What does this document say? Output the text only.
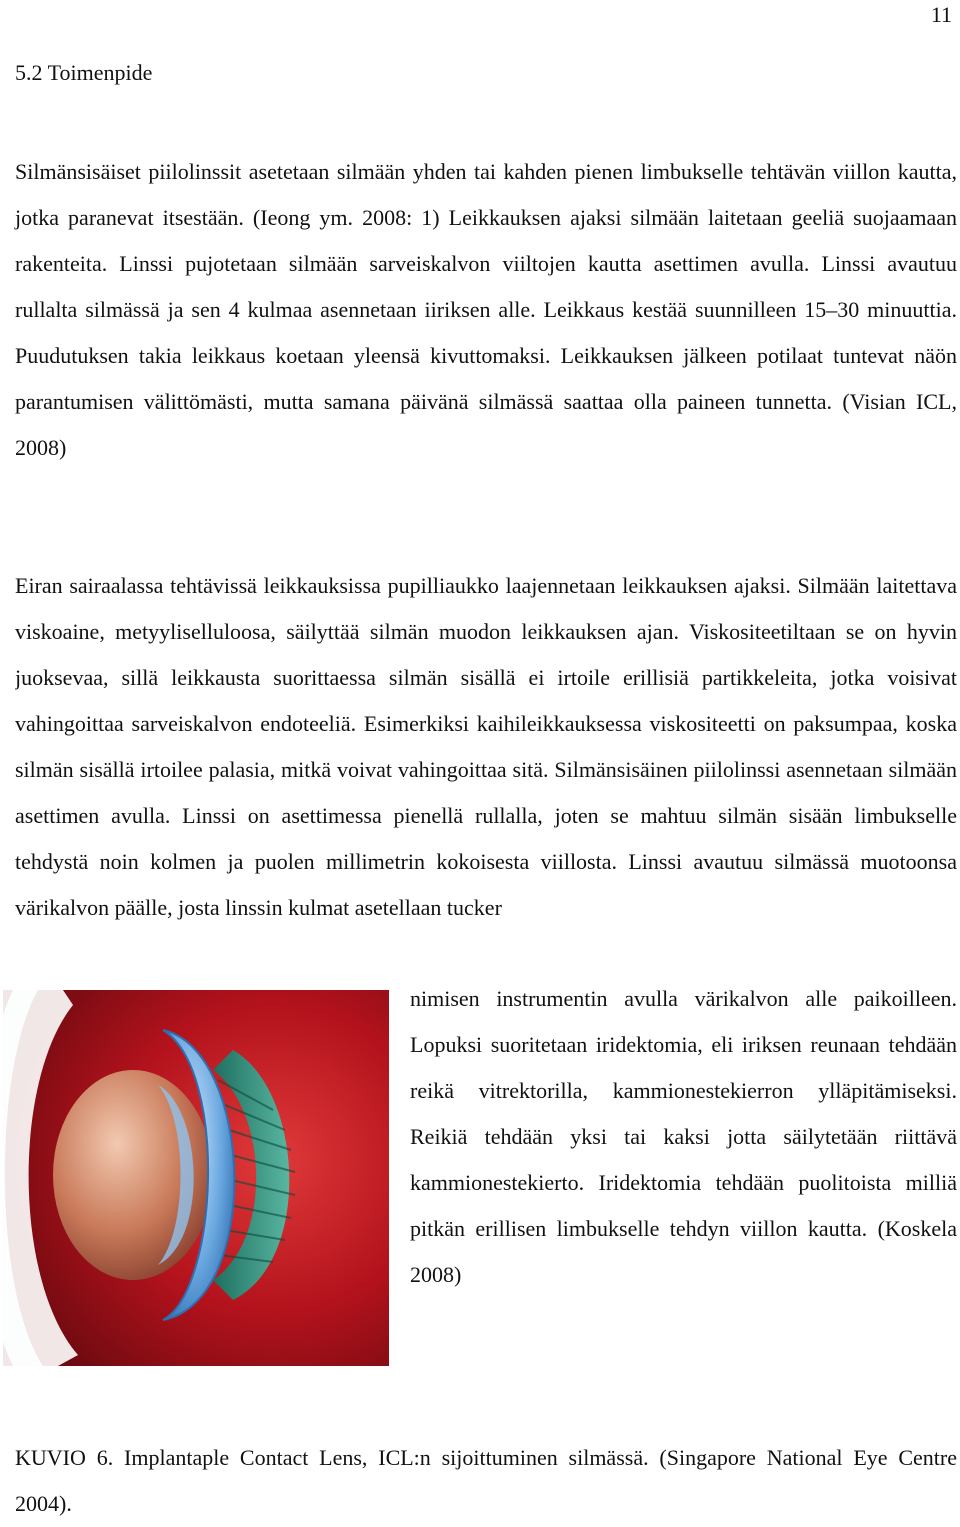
11
5.2 Toimenpide

Silmänsisäiset piilolinssit asetetaan silmään yhden tai kahden pienen limbukselle tehtävän viillon kautta, jotka paranevat itsestään. (Ieong ym. 2008: 1) Leikkauksen ajaksi silmään laitetaan geeliä suojaamaan rakenteita. Linssi pujotetaan silmään sarveiskalvon viiltojen kautta asettimen avulla. Linssi avautuu rullalta silmässä ja sen 4 kulmaa asennetaan iiriksen alle. Leikkaus kestää suunnilleen 15–30 minuuttia. Puudutuksen takia leikkaus koetaan yleensä kivuttomaksi. Leikkauksen jälkeen potilaat tuntevat näön parantumisen välittömästi, mutta samana päivänä silmässä saattaa olla paineen tunnetta. (Visian ICL, 2008)

Eiran sairaalassa tehtävissä leikkauksissa pupilliaukko laajennetaan leikkauksen ajaksi. Silmään laitettava viskoaine, metyyliselluloosa, säilyttää silmän muodon leikkauksen ajan. Viskositeetiltaan se on hyvin juoksevaa, sillä leikkausta suorittaessa silmän sisällä ei irtoile erillisiä partikkeleita, jotka voisivat vahingoittaa sarveiskalvon endoteeliä. Esimerkiksi kaihileikkauksessa viskositeetti on paksumpaa, koska silmän sisällä irtoilee palasia, mitkä voivat vahingoittaa sitä. Silmänsisäinen piilolinssi asennetaan silmään asettimen avulla. Linssi on asettimessa pienellä rullalla, joten se mahtuu silmän sisään limbukselle tehdystä noin kolmen ja puolen millimetrin kokoisesta viillosta. Linssi avautuu silmässä muotoonsa värikalvon päälle, josta linssin kulmat asetellaan tucker

nimisen instrumentin avulla värikalvon alle paikoilleen. Lopuksi suoritetaan iridektomia, eli iriksen reunaan tehdään reikä vitrektorilla, kammionestekierron ylläpitämiseksi. Reikiä tehdään yksi tai kaksi jotta säilytetään riittävä kammionestekierto. Iridektomia tehdään puolitoista milliä pitkän erillisen limbukselle tehdyn viillon kautta. (Koskela 2008)

KUVIO 6. Implantaple Contact Lens, ICL:n sijoittuminen silmässä. (Singapore National Eye Centre 2004).
